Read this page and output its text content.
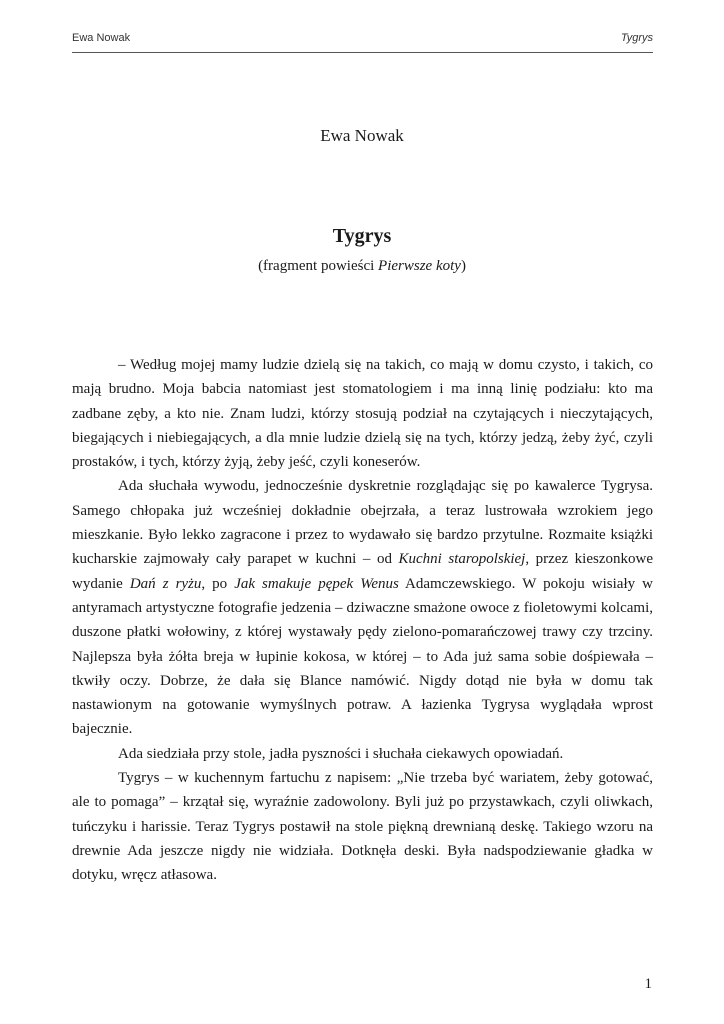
Ewa Nowak	Tygrys
Ewa Nowak
Tygrys
(fragment powieści Pierwsze koty)

– Według mojej mamy ludzie dzielą się na takich, co mają w domu czysto, i takich, co mają brudno. Moja babcia natomiast jest stomatologiem i ma inną linię podziału: kto ma zadbane zęby, a kto nie. Znam ludzi, którzy stosują podział na czytających i nieczytających, biegających i niebiegających, a dla mnie ludzie dzielą się na tych, którzy jedzą, żeby żyć, czyli prostaków, i tych, którzy żyją, żeby jeść, czyli koneserów.

Ada słuchała wywodu, jednocześnie dyskretnie rozglądając się po kawalerce Tygrysa. Samego chłopaka już wcześniej dokładnie obejrzała, a teraz lustrowała wzrokiem jego mieszkanie. Było lekko zagracone i przez to wydawało się bardzo przytulne. Rozmaite książki kucharskie zajmowały cały parapet w kuchni – od Kuchni staropolskiej, przez kieszonkowe wydanie Dań z ryżu, po Jak smakuje pępek Wenus Adamczewskiego. W pokoju wisiały w antyramach artystyczne fotografie jedzenia – dziwaczne smażone owoce z fioletowymi kolcami, duszone płatki wołowiny, z której wystawały pędy zielono-pomarańczowej trawy czy trzciny. Najlepsza była żółta breja w łupinie kokosa, w której – to Ada już sama sobie dośpiewała – tkwiły oczy. Dobrze, że dała się Blance namówić. Nigdy dotąd nie była w domu tak nastawionym na gotowanie wymyślnych potraw. A łazienka Tygrysa wyglądała wprost bajecznie.

Ada siedziała przy stole, jadła pyszności i słuchała ciekawych opowiadań.

Tygrys – w kuchennym fartuchu z napisem: „Nie trzeba być wariatem, żeby gotować, ale to pomaga” – krzątał się, wyraźnie zadowolony. Byli już po przystawkach, czyli oliwkach, tuńczyku i harissie. Teraz Tygrys postawił na stole piękną drewnianą deskę. Takiego wzoru na drewnie Ada jeszcze nigdy nie widziała. Dotknęła deski. Była nadspodziewanie gładka w dotyku, wręcz atłasowa.

1
